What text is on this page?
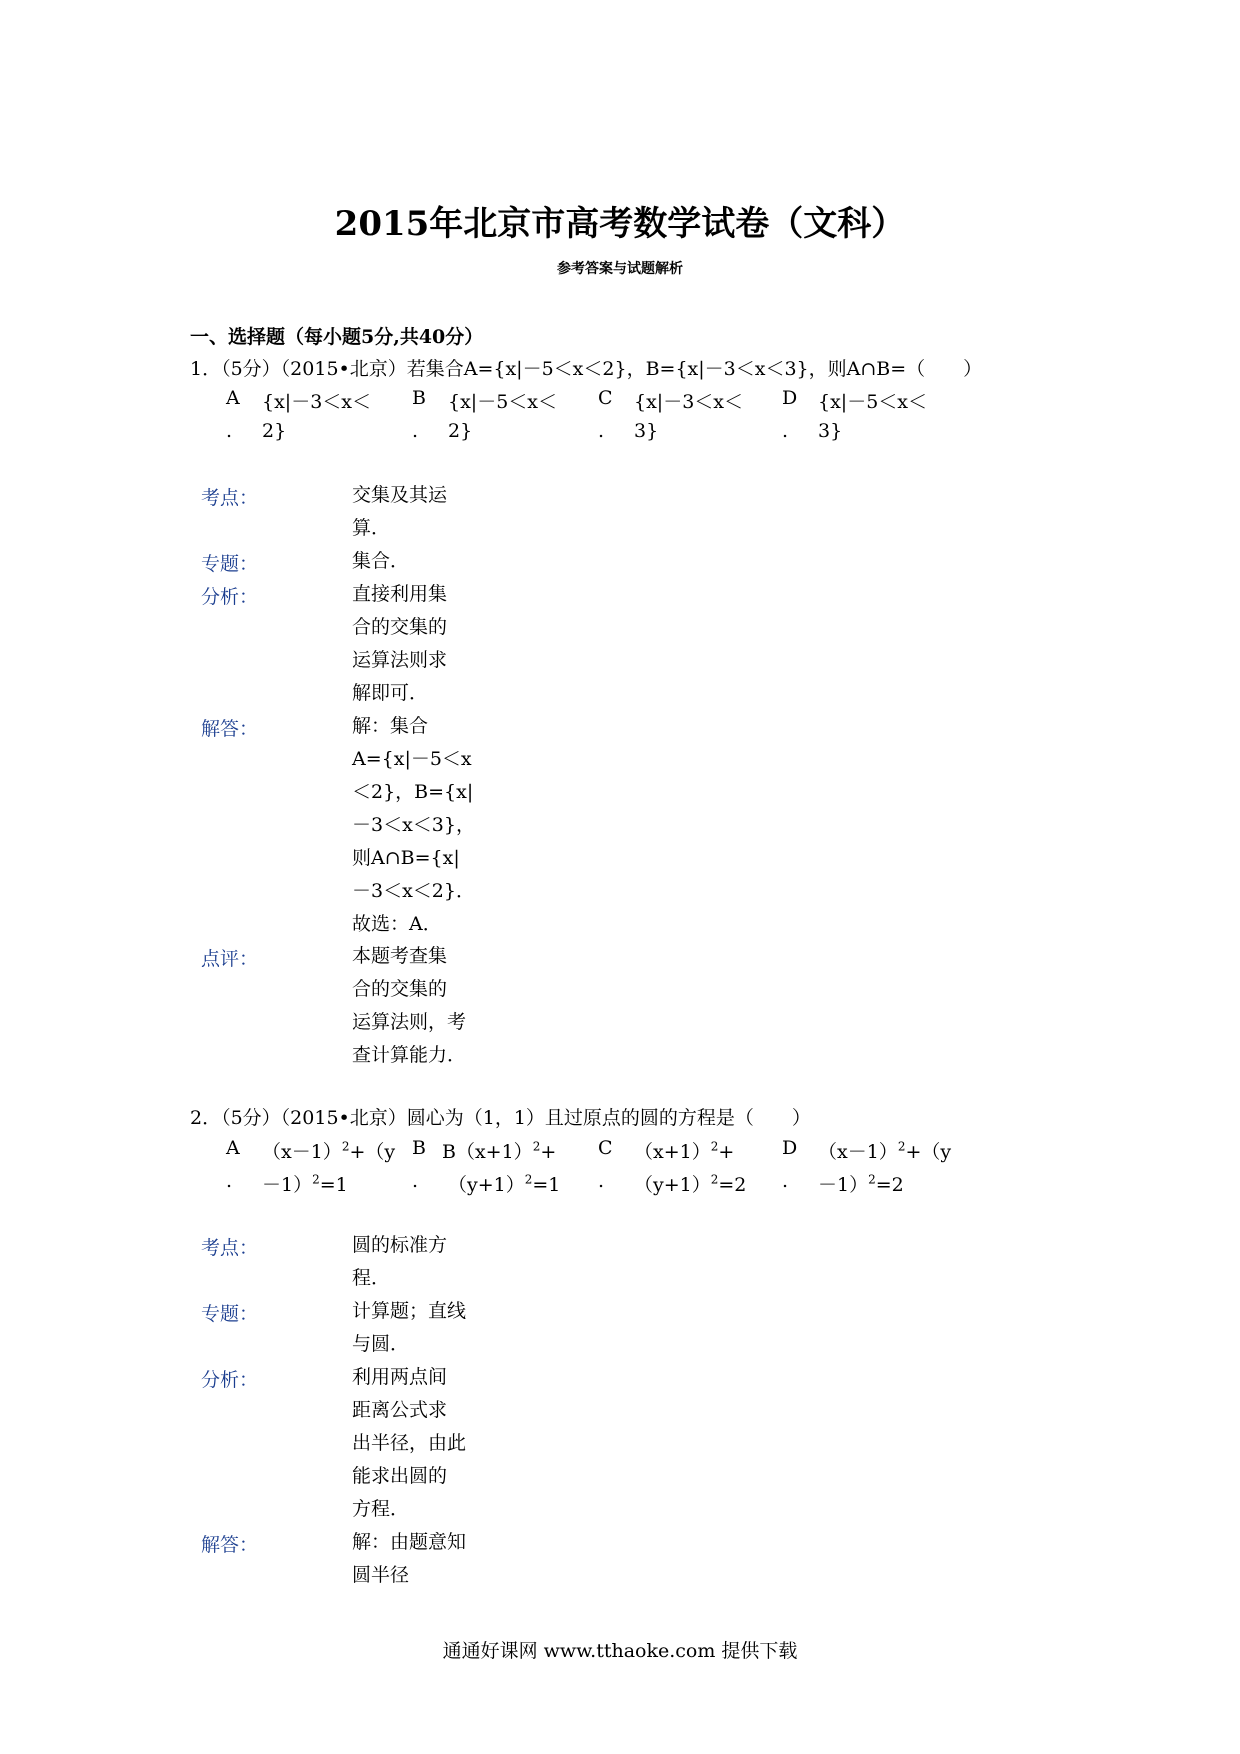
2015年北京市高考数学试卷（文科）
参考答案与试题解析
一、选择题（每小题5分,共40分）
1．（5分）（2015•北京）若集合A={x|－5＜x＜2}，B={x|－3＜x＜3}，则A∩B=（　　）
A
.
{x|－3＜x＜
2}
B
.
{x|－5＜x＜
2}
C
.
{x|－3＜x＜
3}
D
.
{x|－5＜x＜
3}
考点：	交集及其运
算．
专题：	集合．
分析：	直接利用集
合的交集的
运算法则求
解即可．
解答：	解：集合
A={x|－5＜x
＜2}，B={x|
－3＜x＜3}，
则A∩B={x|
－3＜x＜2}．
故选：A．
点评：	本题考查集
合的交集的
运算法则，考
查计算能力．
2．（5分）（2015•北京）圆心为（1，1）且过原点的圆的方程是（　　）
A
.
$(x-1)^2+(y$
－1）$^2$=1
B
.
$B(x+1)^2+$
$(y+1)^2=1$
C
.
$(x+1)^2+$
$(y+1)^2=2$
D
.
$(x-1)^2+(y$
－1）$^2$=2
考点：	圆的标准方
程．
专题：	计算题；直线
与圆．
分析：	利用两点间
距离公式求
出半径，由此
能求出圆的
方程．
解答：	解：由题意知
圆半径
通通好课网 www.tthaoke.com 提供下载
